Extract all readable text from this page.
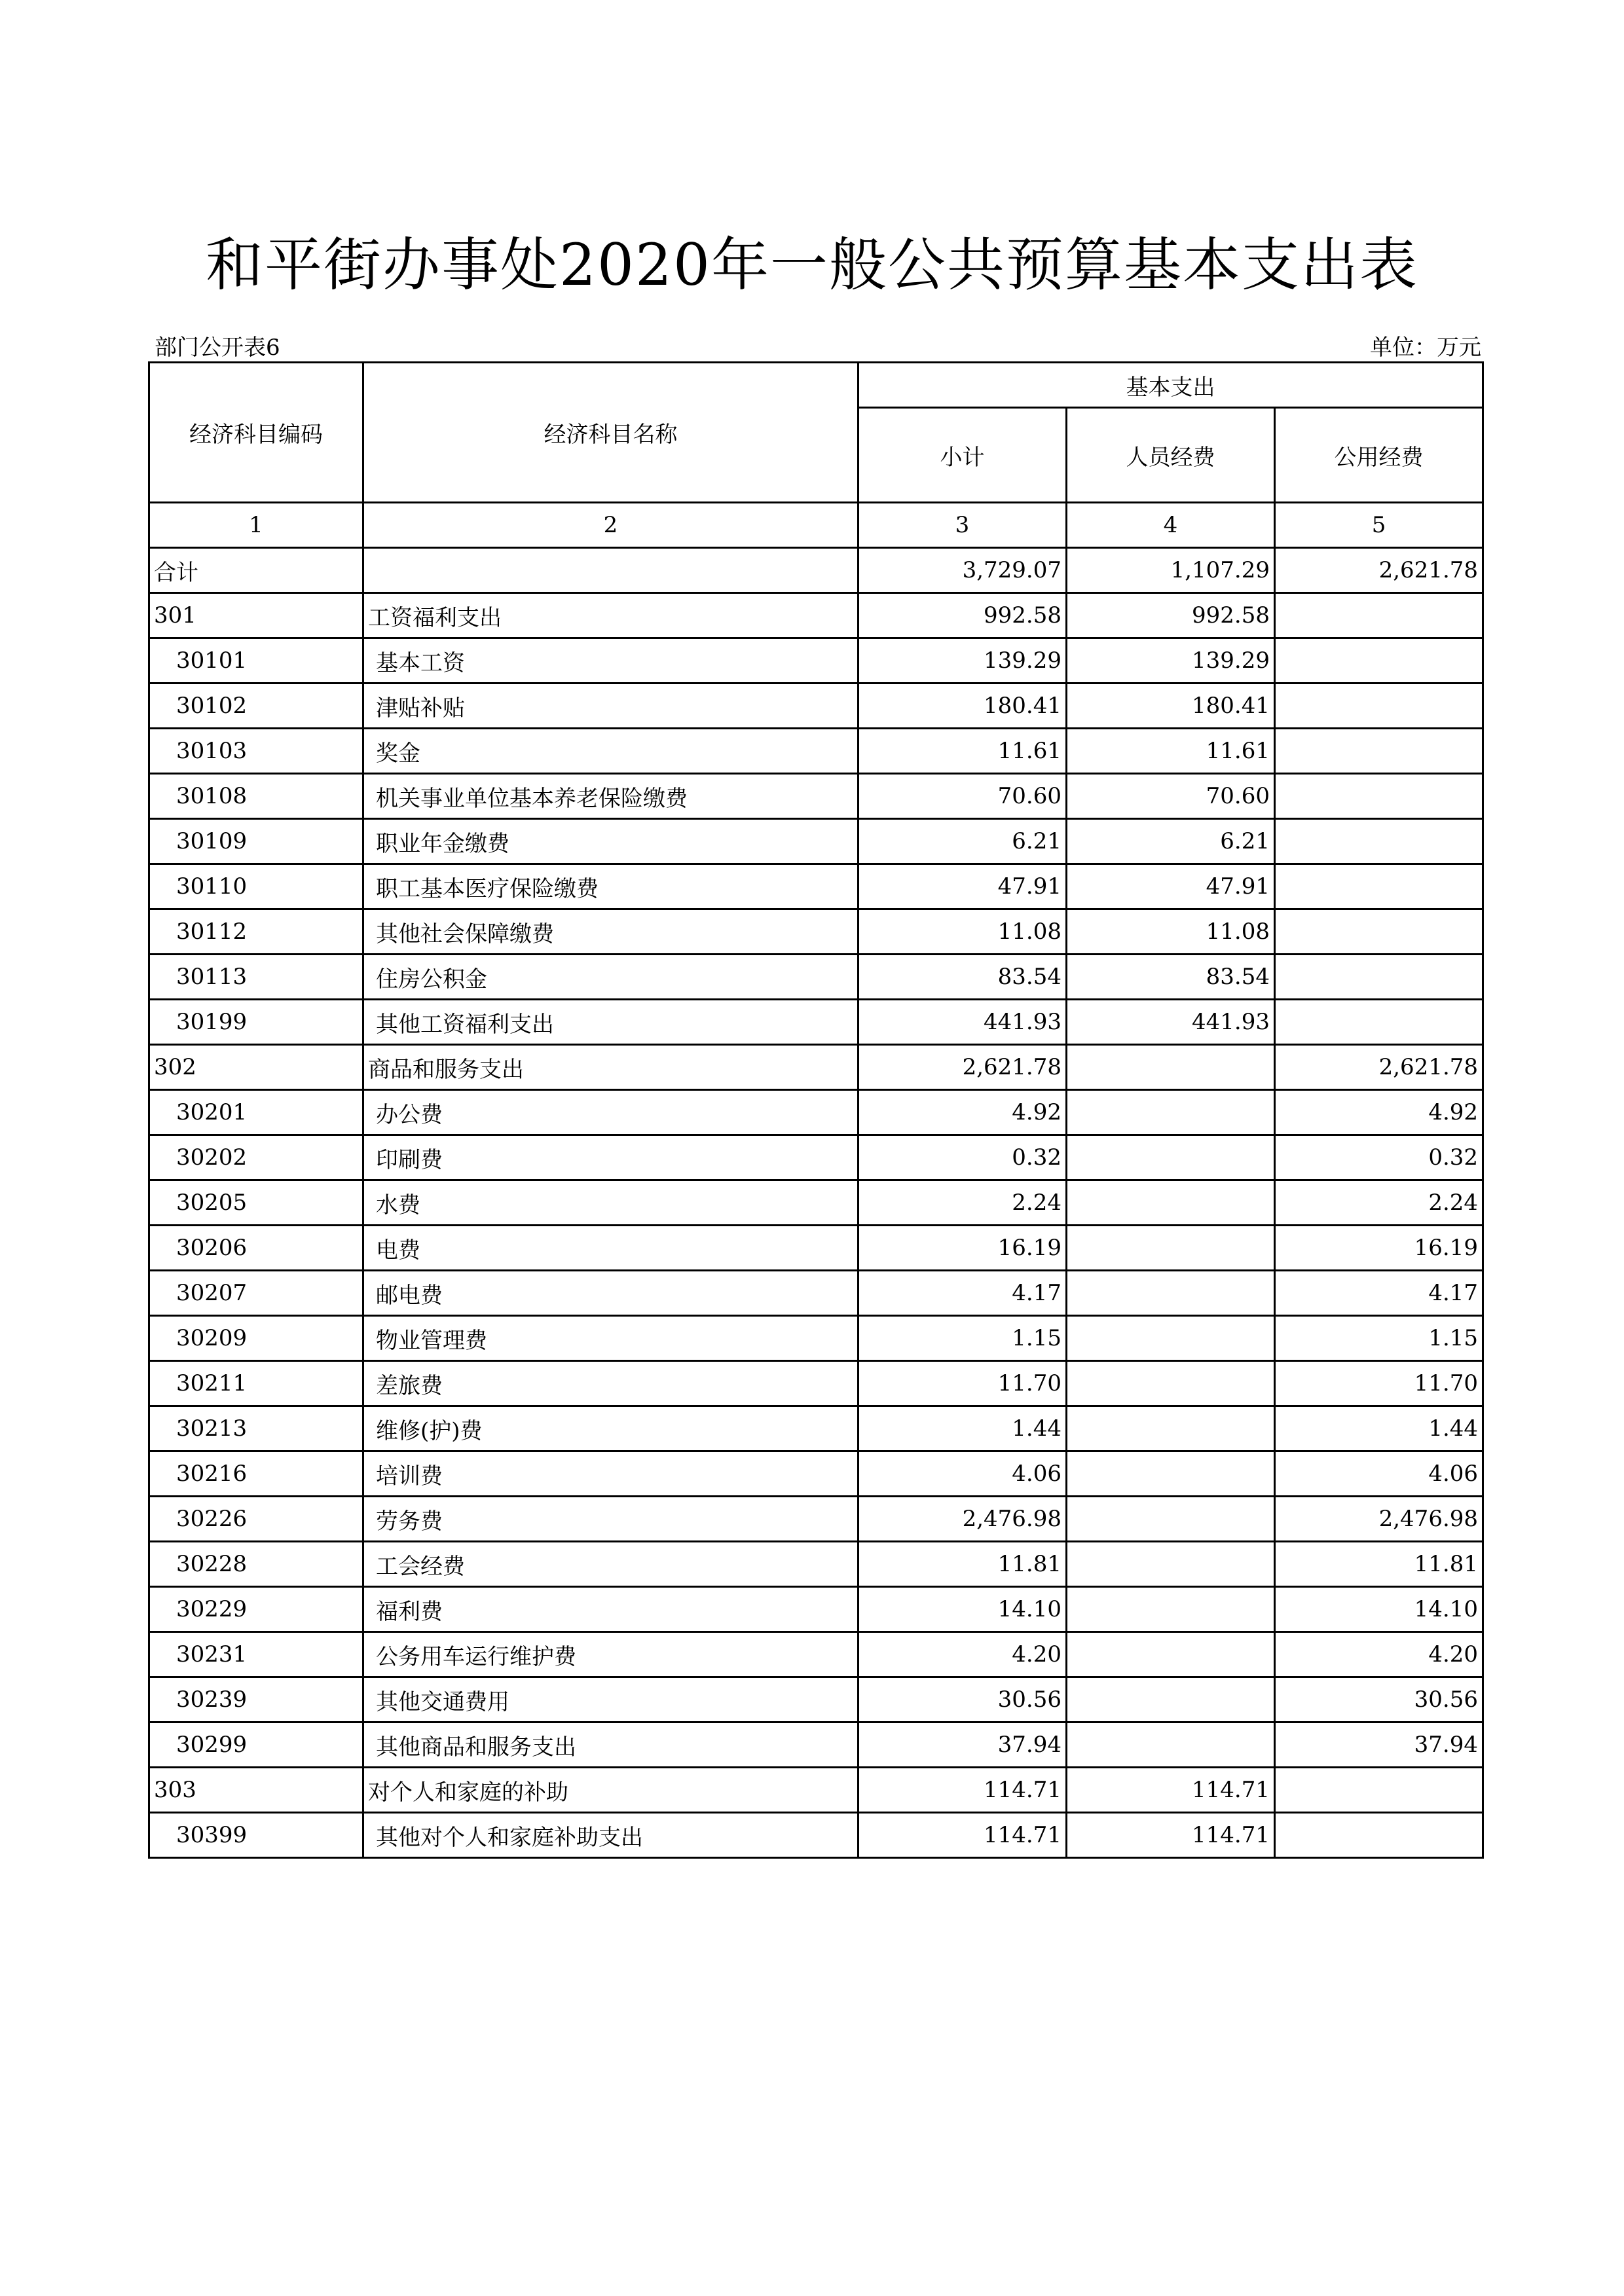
和平街办事处2020年一般公共预算基本支出表
部门公开表6	单位：万元
经济科目编码	经济科目名称	基本支出		
		小计	人员经费	公用经费
1	2	3	4	5
合计		3,729.07	1,107.29	2,621.78
301	工资福利支出	992.58	992.58	
30101	基本工资	139.29	139.29	
30102	津贴补贴	180.41	180.41	
30103	奖金	11.61	11.61	
30108	机关事业单位基本养老保险缴费	70.60	70.60	
30109	职业年金缴费	6.21	6.21	
30110	职工基本医疗保险缴费	47.91	47.91	
30112	其他社会保障缴费	11.08	11.08	
30113	住房公积金	83.54	83.54	
30199	其他工资福利支出	441.93	441.93	
302	商品和服务支出	2,621.78		2,621.78
30201	办公费	4.92		4.92
30202	印刷费	0.32		0.32
30205	水费	2.24		2.24
30206	电费	16.19		16.19
30207	邮电费	4.17		4.17
30209	物业管理费	1.15		1.15
30211	差旅费	11.70		11.70
30213	维修(护)费	1.44		1.44
30216	培训费	4.06		4.06
30226	劳务费	2,476.98		2,476.98
30228	工会经费	11.81		11.81
30229	福利费	14.10		14.10
30231	公务用车运行维护费	4.20		4.20
30239	其他交通费用	30.56		30.56
30299	其他商品和服务支出	37.94		37.94
303	对个人和家庭的补助	114.71	114.71	
30399	其他对个人和家庭补助支出	114.71	114.71	
